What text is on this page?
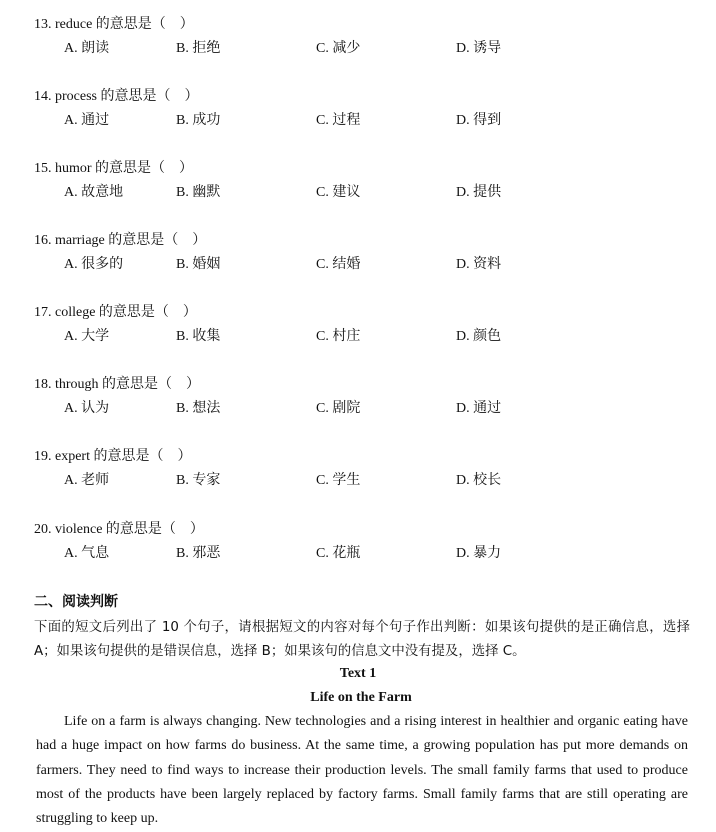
13. reduce 的意思是（　）
A. 朗读	B. 拒绝	C. 减少	D. 诱导
14. process 的意思是（　）
A. 通过	B. 成功	C. 过程	D. 得到
15. humor 的意思是（　）
A. 故意地	B. 幽默	C. 建议	D. 提供
16. marriage 的意思是（　）
A. 很多的	B. 婚姻	C. 结婚	D. 资料
17. college 的意思是（　）
A. 大学	B. 收集	C. 村庄	D. 颜色
18. through 的意思是（　）
A. 认为	B. 想法	C. 剧院	D. 通过
19. expert 的意思是（　）
A. 老师	B. 专家	C. 学生	D. 校长
20. violence 的意思是（　）
A. 气息	B. 邪恶	C. 花瓶	D. 暴力
二、阅读判断
下面的短文后列出了 10 个句子，请根据短文的内容对每个句子作出判断：如果该句提供的是正确信息，选择 A；如果该句提供的是错误信息，选择 B；如果该句的信息文中没有提及，选择 C。
Text 1
Life on the Farm

Life on a farm is always changing. New technologies and a rising interest in healthier and organic eating have had a huge impact on how farms do business. At the same time, a growing population has put more demands on farmers. They need to find ways to increase their production levels. The small family farms that used to produce most of the products have been largely replaced by factory farms. Small family farms that are still operating are struggling to keep up.
